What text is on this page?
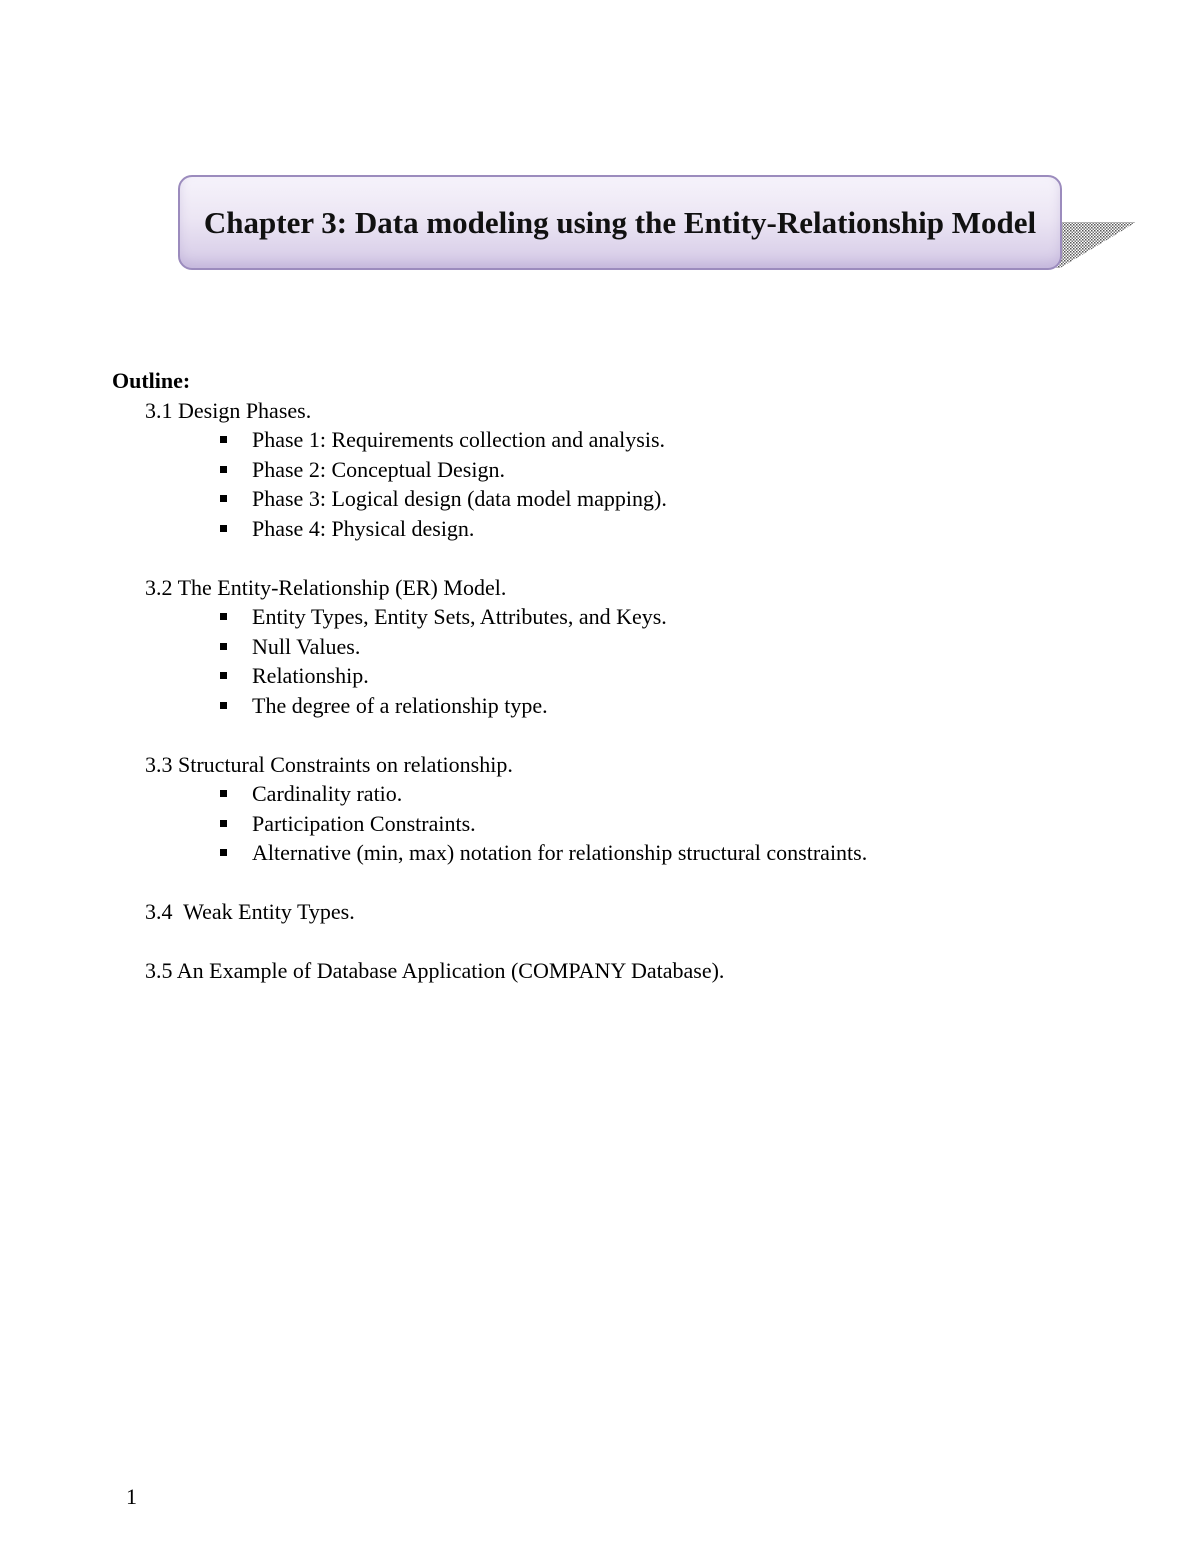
Chapter 3: Data modeling using the Entity-Relationship Model

Outline:

3.1 Design Phases.

Phase 1: Requirements collection and analysis.
Phase 2: Conceptual Design.
Phase 3: Logical design (data model mapping).
Phase 4: Physical design.

3.2 The Entity-Relationship (ER) Model.

Entity Types, Entity Sets, Attributes, and Keys.
Null Values.
Relationship.
The degree of a relationship type.

3.3 Structural Constraints on relationship.

Cardinality ratio.
Participation Constraints.
Alternative (min, max) notation for relationship structural constraints.

3.4  Weak Entity Types.

3.5 An Example of Database Application (COMPANY Database).

1
